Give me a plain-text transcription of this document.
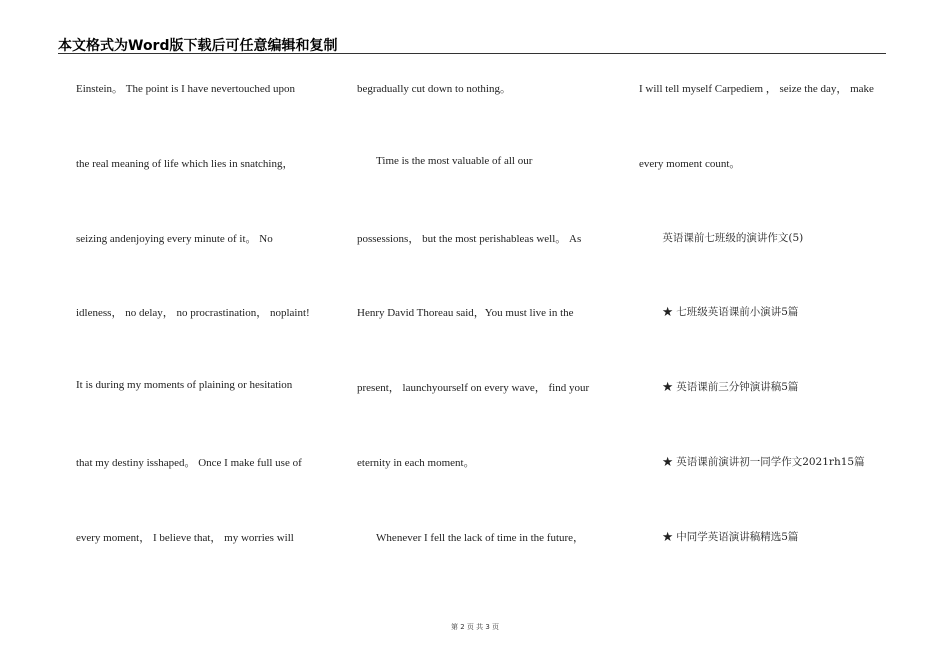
本文格式为Word版下载后可任意编辑和复制
Einstein。 The point is I have nevertouched upon
the real meaning of life which lies in snatching，
seizing andenjoying every minute of it。 No
idleness， no delay， no procrastination， noplaint!
It is during my moments of plaining or hesitation
that my destiny isshaped。 Once I make full use of
every moment， I believe that， my worries will
begradually cut down to nothing。
Time is the most valuable of all our
possessions， but the most perishableas well。 As
Henry David Thoreau said，You must live in the
present， launchyourself on every wave， find your
eternity in each moment。
Whenever I fell the lack of time in the future，
I will tell myself Carpediem ， seize the day， make
every moment count。
英语课前七班级的演讲作文(5)
★ 七班级英语课前小演讲5篇
★ 英语课前三分钟演讲稿5篇
★ 英语课前演讲初一同学作文2021rh15篇
★ 中同学英语演讲稿精选5篇
第 2 页 共 3 页
